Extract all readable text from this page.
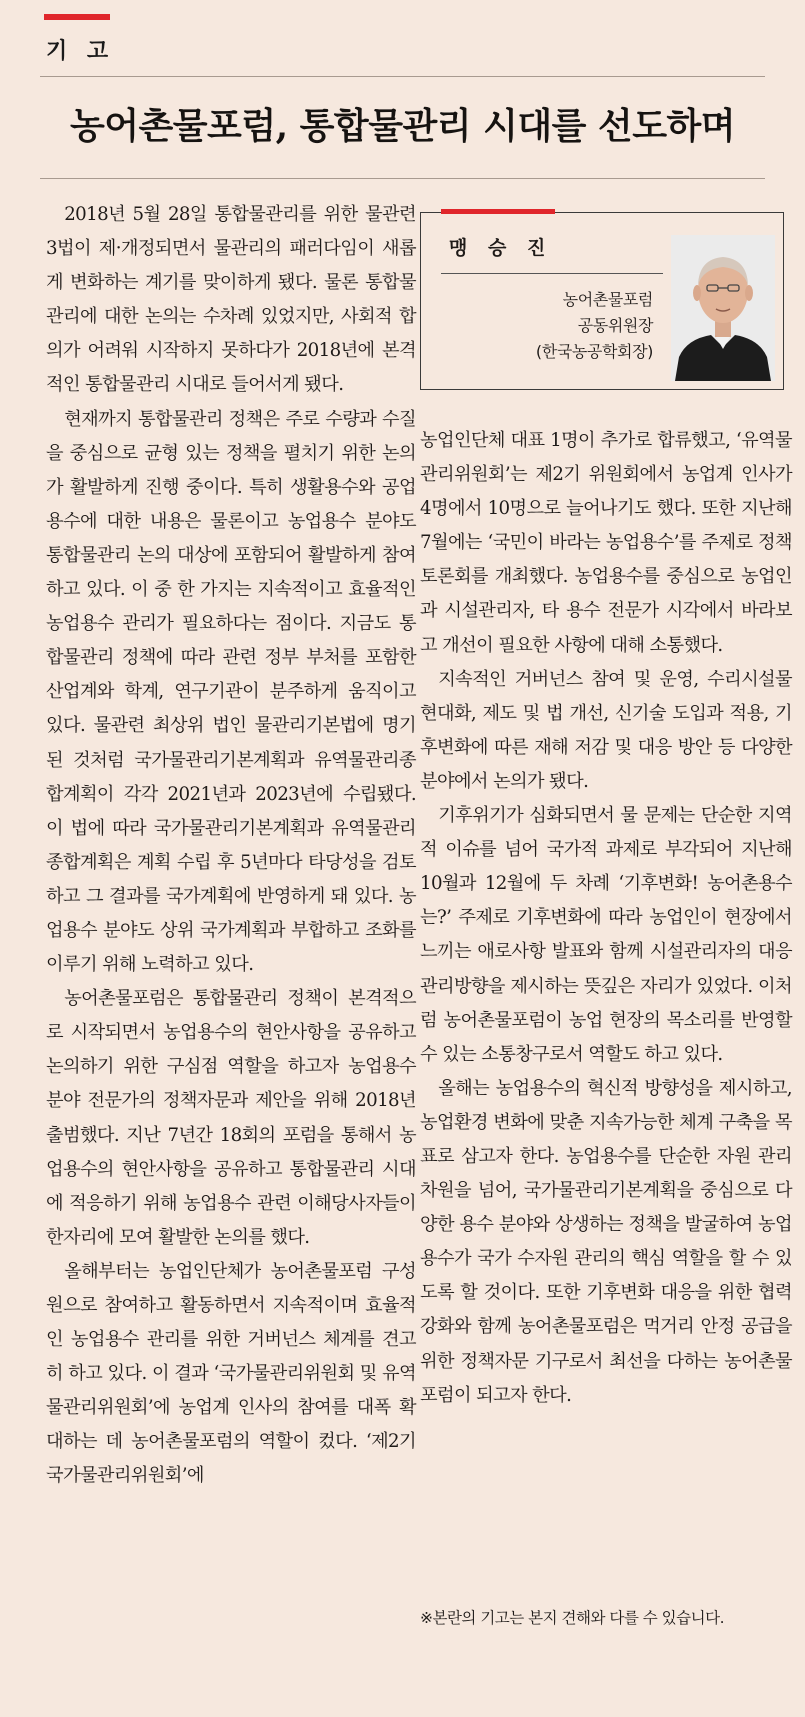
기 고
농어촌물포럼, 통합물관리 시대를 선도하며

2018년 5월 28일 통합물관리를 위한 물관련 3법이 제·개정되면서 물관리의 패러다임이 새롭게 변화하는 계기를 맞이하게 됐다. 물론 통합물관리에 대한 논의는 수차례 있었지만, 사회적 합의가 어려워 시작하지 못하다가 2018년에 본격적인 통합물관리 시대로 들어서게 됐다.

현재까지 통합물관리 정책은 주로 수량과 수질을 중심으로 균형 있는 정책을 펼치기 위한 논의가 활발하게 진행 중이다. 특히 생활용수와 공업용수에 대한 내용은 물론이고 농업용수 분야도 통합물관리 논의 대상에 포함되어 활발하게 참여하고 있다. 이 중 한 가지는 지속적이고 효율적인 농업용수 관리가 필요하다는 점이다. 지금도 통합물관리 정책에 따라 관련 정부 부처를 포함한 산업계와 학계, 연구기관이 분주하게 움직이고 있다. 물관련 최상위 법인 물관리기본법에 명기된 것처럼 국가물관리기본계획과 유역물관리종합계획이 각각 2021년과 2023년에 수립됐다. 이 법에 따라 국가물관리기본계획과 유역물관리종합계획은 계획 수립 후 5년마다 타당성을 검토하고 그 결과를 국가계획에 반영하게 돼 있다. 농업용수 분야도 상위 국가계획과 부합하고 조화를 이루기 위해 노력하고 있다.

농어촌물포럼은 통합물관리 정책이 본격적으로 시작되면서 농업용수의 현안사항을 공유하고 논의하기 위한 구심점 역할을 하고자 농업용수 분야 전문가의 정책자문과 제안을 위해 2018년 출범했다. 지난 7년간 18회의 포럼을 통해서 농업용수의 현안사항을 공유하고 통합물관리 시대에 적응하기 위해 농업용수 관련 이해당사자들이 한자리에 모여 활발한 논의를 했다.

올해부터는 농업인단체가 농어촌물포럼 구성원으로 참여하고 활동하면서 지속적이며 효율적인 농업용수 관리를 위한 거버넌스 체계를 견고히 하고 있다. 이 결과 ‘국가물관리위원회 및 유역물관리위원회’에 농업계 인사의 참여를 대폭 확대하는 데 농어촌물포럼의 역할이 컸다. ‘제2기 국가물관리위원회’에

맹 승 진
농어촌물포럼
공동위원장
(한국농공학회장)

농업인단체 대표 1명이 추가로 합류했고, ‘유역물관리위원회’는 제2기 위원회에서 농업계 인사가 4명에서 10명으로 늘어나기도 했다. 또한 지난해 7월에는 ‘국민이 바라는 농업용수’를 주제로 정책토론회를 개최했다. 농업용수를 중심으로 농업인과 시설관리자, 타 용수 전문가 시각에서 바라보고 개선이 필요한 사항에 대해 소통했다.

지속적인 거버넌스 참여 및 운영, 수리시설물 현대화, 제도 및 법 개선, 신기술 도입과 적용, 기후변화에 따른 재해 저감 및 대응 방안 등 다양한 분야에서 논의가 됐다.

기후위기가 심화되면서 물 문제는 단순한 지역적 이슈를 넘어 국가적 과제로 부각되어 지난해 10월과 12월에 두 차례 ‘기후변화! 농어촌용수는?’ 주제로 기후변화에 따라 농업인이 현장에서 느끼는 애로사항 발표와 함께 시설관리자의 대응관리방향을 제시하는 뜻깊은 자리가 있었다. 이처럼 농어촌물포럼이 농업 현장의 목소리를 반영할 수 있는 소통창구로서 역할도 하고 있다.

올해는 농업용수의 혁신적 방향성을 제시하고, 농업환경 변화에 맞춘 지속가능한 체계 구축을 목표로 삼고자 한다. 농업용수를 단순한 자원 관리 차원을 넘어, 국가물관리기본계획을 중심으로 다양한 용수 분야와 상생하는 정책을 발굴하여 농업용수가 국가 수자원 관리의 핵심 역할을 할 수 있도록 할 것이다. 또한 기후변화 대응을 위한 협력 강화와 함께 농어촌물포럼은 먹거리 안정 공급을 위한 정책자문 기구로서 최선을 다하는 농어촌물포럼이 되고자 한다.

※본란의 기고는 본지 견해와 다를 수 있습니다.
